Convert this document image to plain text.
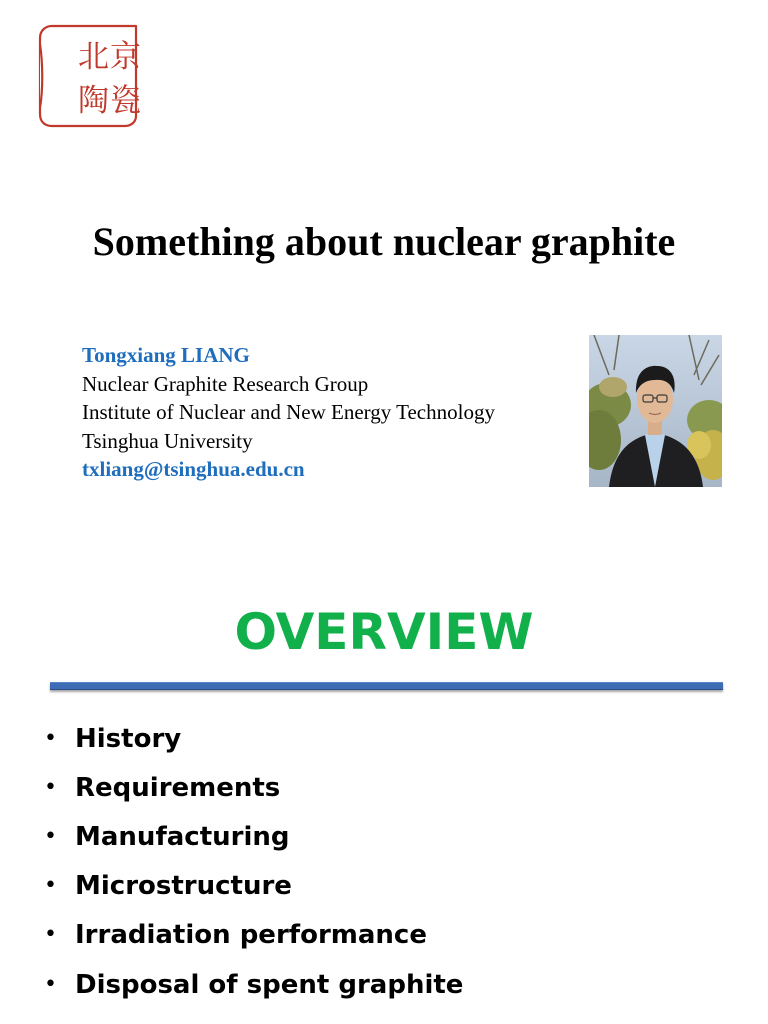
北 京
陶 瓷
Something about nuclear graphite
Tongxiang LIANG
Nuclear Graphite Research Group
Institute of Nuclear and New Energy Technology
Tsinghua University
txliang@tsinghua.edu.cn
OVERVIEW
• History
• Requirements
• Manufacturing
• Microstructure
• Irradiation performance
• Disposal of spent graphite
